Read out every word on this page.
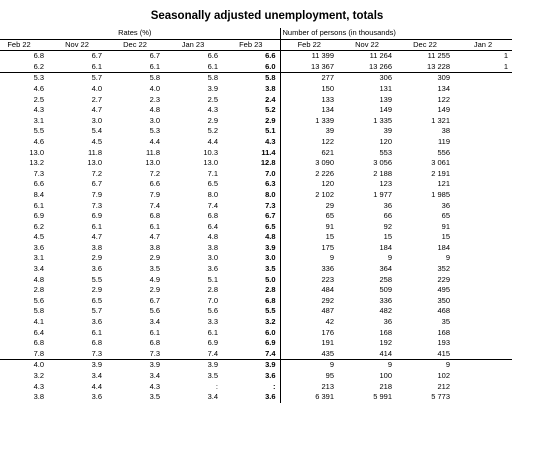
Seasonally adjusted unemployment, totals
Rates (%)					Number of persons (in thousands)			
Feb 22	Nov 22	Dec 22	Jan 23	Feb 23	Feb 22	Nov 22	Dec 22	Jan 2
6.8	6.7	6.7	6.6	6.6	11 399	11 264	11 255	1
6.2	6.1	6.1	6.1	6.0	13 367	13 266	13 228	1
5.3	5.7	5.8	5.8	5.8	277	306	309	
4.6	4.0	4.0	3.9	3.8	150	131	134	
2.5	2.7	2.3	2.5	2.4	133	139	122	
4.3	4.7	4.8	4.3	5.2	134	149	149	
3.1	3.0	3.0	2.9	2.9	1 339	1 335	1 321	
5.5	5.4	5.3	5.2	5.1	39	39	38	
4.6	4.5	4.4	4.4	4.3	122	120	119	
13.0	11.8	11.8	10.3	11.4	621	553	556	
13.2	13.0	13.0	13.0	12.8	3 090	3 056	3 061	
7.3	7.2	7.2	7.1	7.0	2 226	2 188	2 191	
6.6	6.7	6.6	6.5	6.3	120	123	121	
8.4	7.9	7.9	8.0	8.0	2 102	1 977	1 985	
6.1	7.3	7.4	7.4	7.3	29	36	36	
6.9	6.9	6.8	6.8	6.7	65	66	65	
6.2	6.1	6.1	6.4	6.5	91	92	91	
4.5	4.7	4.7	4.8	4.8	15	15	15	
3.6	3.8	3.8	3.8	3.9	175	184	184	
3.1	2.9	2.9	3.0	3.0	9	9	9	
3.4	3.6	3.5	3.6	3.5	336	364	352	
4.8	5.5	4.9	5.1	5.0	223	258	229	
2.8	2.9	2.9	2.8	2.8	484	509	495	
5.6	6.5	6.7	7.0	6.8	292	336	350	
5.8	5.7	5.6	5.6	5.5	487	482	468	
4.1	3.6	3.4	3.3	3.2	42	36	35	
6.4	6.1	6.1	6.1	6.0	176	168	168	
6.8	6.8	6.8	6.9	6.9	191	192	193	
7.8	7.3	7.3	7.4	7.4	435	414	415	
4.0	3.9	3.9	3.9	3.9	9	9	9	
3.2	3.4	3.4	3.5	3.6	95	100	102	
4.3	4.4	4.3	:	:	213	218	212	
3.8	3.6	3.5	3.4	3.6	6 391	5 991	5 773	
